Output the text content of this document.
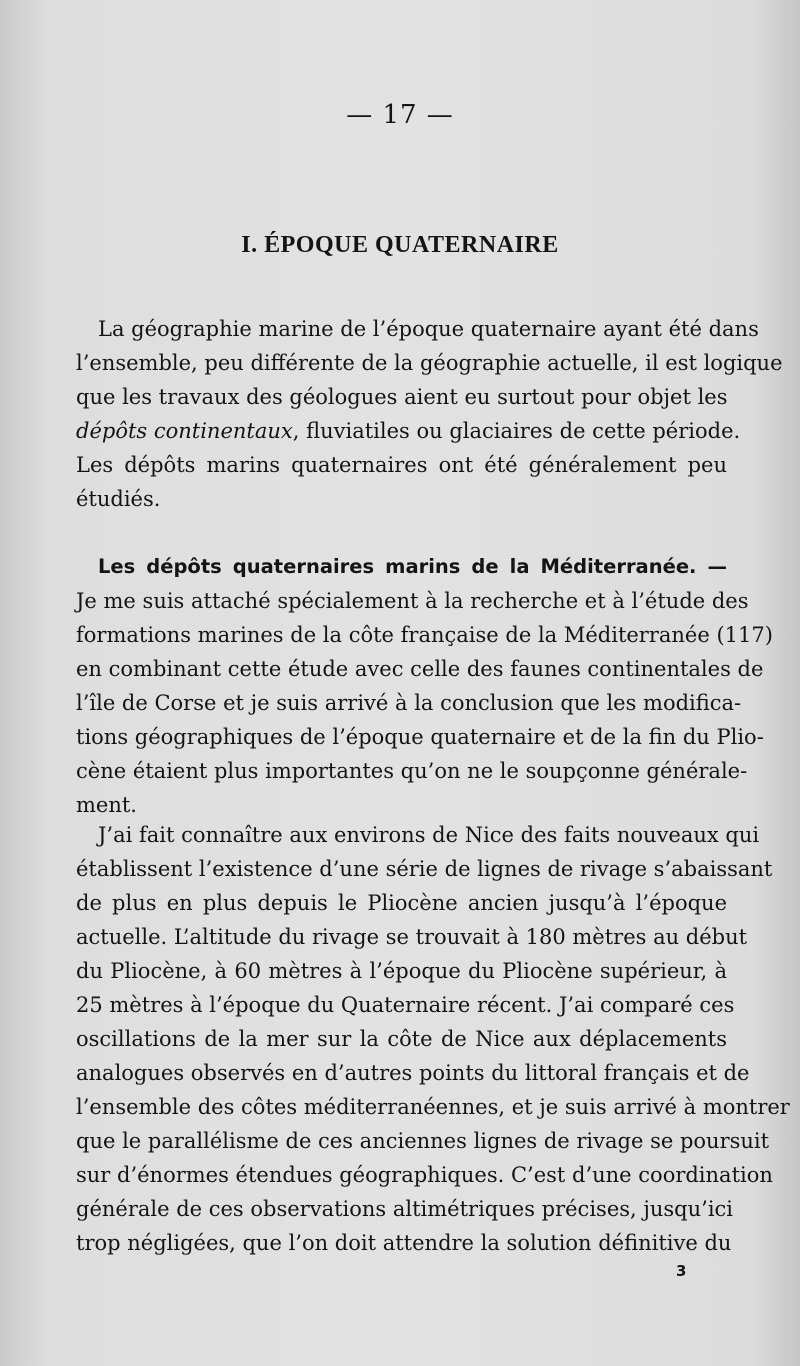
— 17 —
I. ÉPOQUE QUATERNAIRE
La géographie marine de l’époque quaternaire ayant été dans
l’ensemble, peu différente de la géographie actuelle, il est logique
que les travaux des géologues aient eu surtout pour objet les
dépôts continentaux, fluviatiles ou glaciaires de cette période.
Les dépôts marins quaternaires ont été généralement peu
étudiés.
Les dépôts quaternaires marins de la Méditerranée. —
Je me suis attaché spécialement à la recherche et à l’étude des
formations marines de la côte française de la Méditerranée (117)
en combinant cette étude avec celle des faunes continentales de
l’île de Corse et je suis arrivé à la conclusion que les modifica-
tions géographiques de l’époque quaternaire et de la fin du Plio-
cène étaient plus importantes qu’on ne le soupçonne générale-
ment.
J’ai fait connaître aux environs de Nice des faits nouveaux qui
établissent l’existence d’une série de lignes de rivage s’abaissant
de plus en plus depuis le Pliocène ancien jusqu’à l’époque
actuelle. L’altitude du rivage se trouvait à 180 mètres au début
du Pliocène, à 60 mètres à l’époque du Pliocène supérieur, à
25 mètres à l’époque du Quaternaire récent. J’ai comparé ces
oscillations de la mer sur la côte de Nice aux déplacements
analogues observés en d’autres points du littoral français et de
l’ensemble des côtes méditerranéennes, et je suis arrivé à montrer
que le parallélisme de ces anciennes lignes de rivage se poursuit
sur d’énormes étendues géographiques. C’est d’une coordination
générale de ces observations altimétriques précises, jusqu’ici
trop négligées, que l’on doit attendre la solution définitive du
3
